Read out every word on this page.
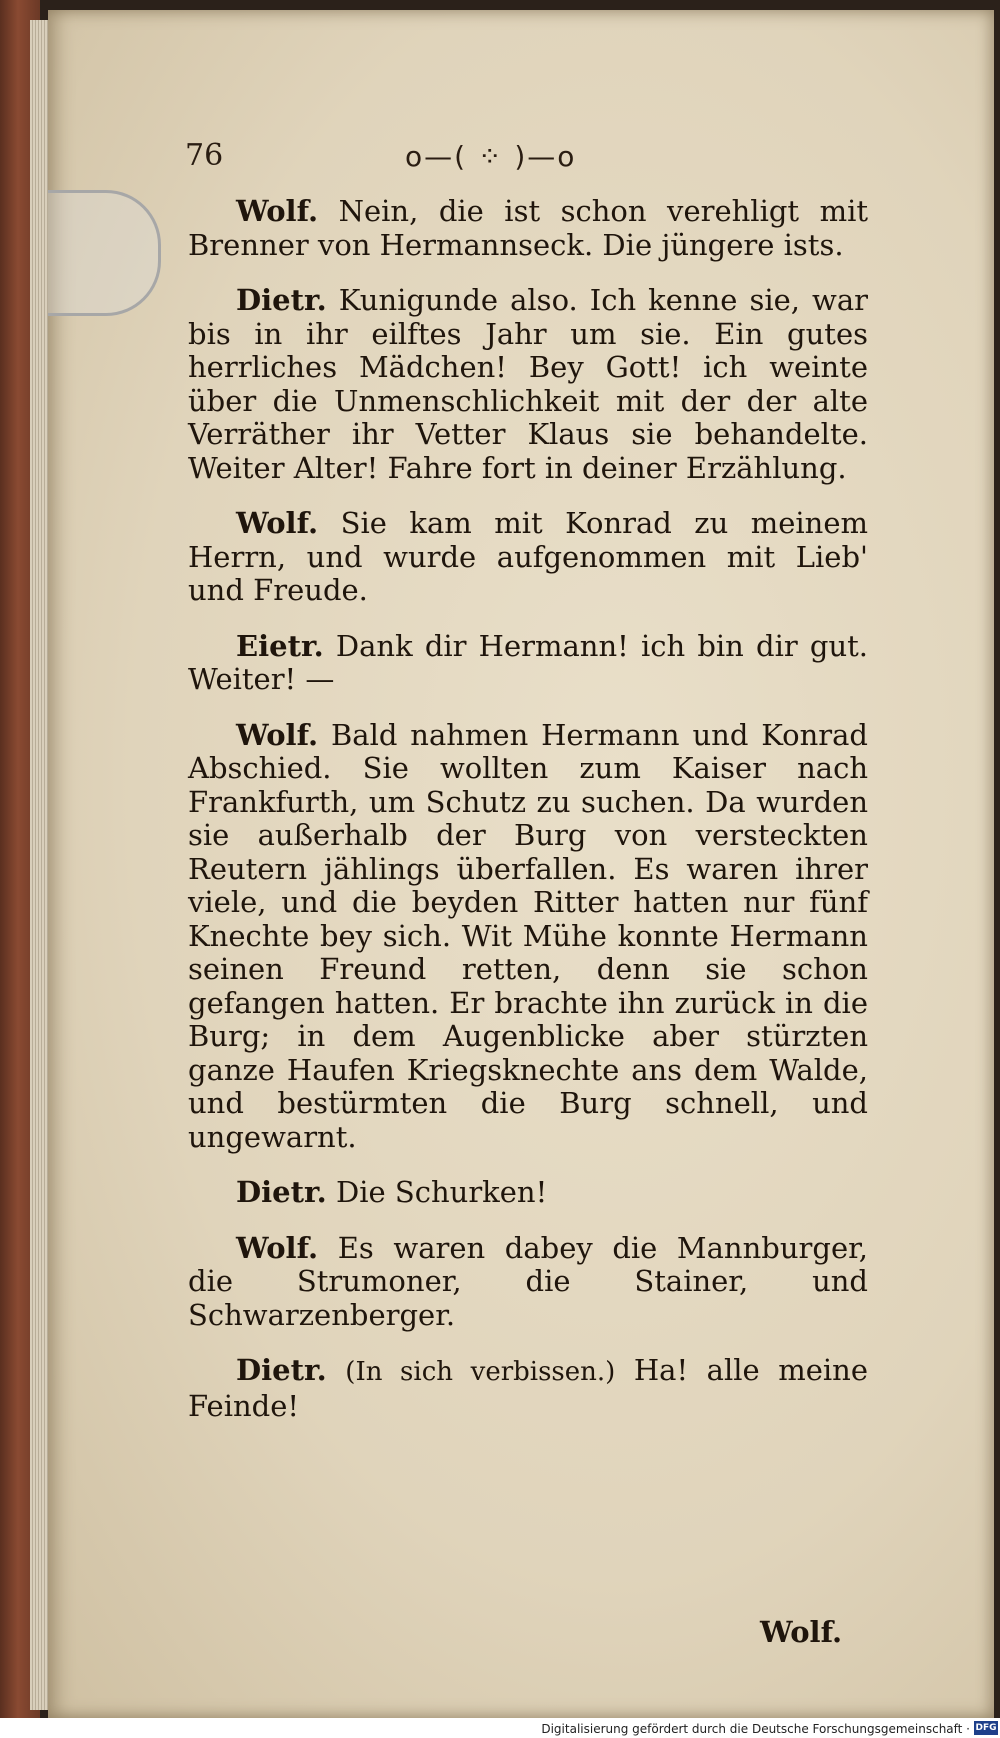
76	o—( ⁘ )—o

Wolf. Nein, die ist schon verehligt mit Brenner von Hermannseck. Die jüngere ists.

Dietr. Kunigunde also. Ich kenne sie, war bis in ihr eilftes Jahr um sie. Ein gutes herrliches Mädchen! Bey Gott! ich weinte über die Unmenschlichkeit mit der der alte Verräther ihr Vetter Klaus sie behandelte. Weiter Alter! Fahre fort in deiner Erzählung.

Wolf. Sie kam mit Konrad zu meinem Herrn, und wurde aufgenommen mit Lieb' und Freude.

Eietr. Dank dir Hermann! ich bin dir gut. Weiter! —

Wolf. Bald nahmen Hermann und Konrad Abschied. Sie wollten zum Kaiser nach Frankfurth, um Schutz zu suchen. Da wurden sie außerhalb der Burg von versteckten Reutern jählings überfallen. Es waren ihrer viele, und die beyden Ritter hatten nur fünf Knechte bey sich. Wit Mühe konnte Hermann seinen Freund retten, denn sie schon gefangen hatten. Er brachte ihn zurück in die Burg; in dem Augenblicke aber stürzten ganze Haufen Kriegsknechte ans dem Walde, und bestürmten die Burg schnell, und ungewarnt.

Dietr. Die Schurken!

Wolf. Es waren dabey die Mannburger, die Strumoner, die Stainer, und Schwarzenberger.

Dietr. (In sich verbissen.) Ha! alle meine Feinde!

Wolf.
Digitalisierung gefördert durch die Deutsche Forschungsgemeinschaft · DFG
